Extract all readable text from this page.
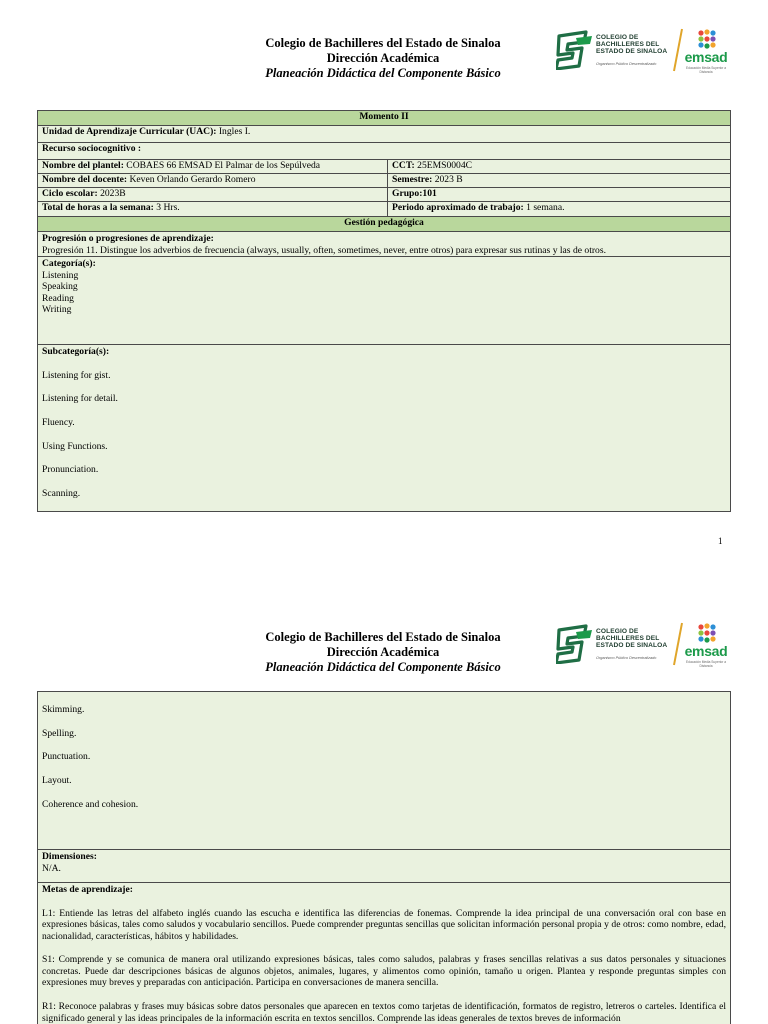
Colegio de Bachilleres del Estado de Sinaloa
Dirección Académica
Planeación Didáctica del Componente Básico
COLEGIO DE
BACHILLERES DEL
ESTADO DE SINALOA
Organismo Público Descentralizado	emsad
Educación Media Superior a Distancia
Momento II
Unidad de Aprendizaje Curricular (UAC): Ingles I.
Recurso sociocognitivo :
Nombre del plantel: COBAES 66 EMSAD El Palmar de los Sepúlveda	CCT: 25EMS0004C
Nombre del docente: Keven Orlando Gerardo Romero	Semestre: 2023 B
Ciclo escolar: 2023B	Grupo:101
Total de horas a la semana: 3 Hrs.	Periodo aproximado de trabajo: 1 semana.
Gestión pedagógica
Progresión o progresiones de aprendizaje:
Progresión 11. Distingue los adverbios de frecuencia (always, usually, often, sometimes, never, entre otros) para expresar sus rutinas y las de otros.
Categoría(s):
Listening
Speaking
Reading
Writing
Subcategoría(s):
Listening for gist.
Listening for detail.
Fluency.
Using Functions.
Pronunciation.
Scanning.
1
Colegio de Bachilleres del Estado de Sinaloa
Dirección Académica
Planeación Didáctica del Componente Básico
COLEGIO DE
BACHILLERES DEL
ESTADO DE SINALOA
Organismo Público Descentralizado	emsad
Educación Media Superior a Distancia
Skimming.
Spelling.
Punctuation.
Layout.
Coherence and cohesion.
Dimensiones:
N/A.
Metas de aprendizaje:
L1: Entiende las letras del alfabeto inglés cuando las escucha e identifica las diferencias de fonemas. Comprende la idea principal de una conversación oral con base en expresiones básicas, tales como saludos y vocabulario sencillos. Puede comprender preguntas sencillas que solicitan información personal propia y de otros: como nombre, edad, nacionalidad, características, hábitos y habilidades.
S1: Comprende y se comunica de manera oral utilizando expresiones básicas, tales como saludos, palabras y frases sencillas relativas a sus datos personales y situaciones concretas. Puede dar descripciones básicas de algunos objetos, animales, lugares, y alimentos como opinión, tamaño u origen. Plantea y responde preguntas simples con expresiones muy breves y preparadas con anticipación. Participa en conversaciones de manera sencilla.
R1: Reconoce palabras y frases muy básicas sobre datos personales que aparecen en textos como tarjetas de identificación, formatos de registro, letreros o carteles. Identifica el significado general y las ideas principales de la información escrita en textos sencillos. Comprende las ideas generales de textos breves de información
